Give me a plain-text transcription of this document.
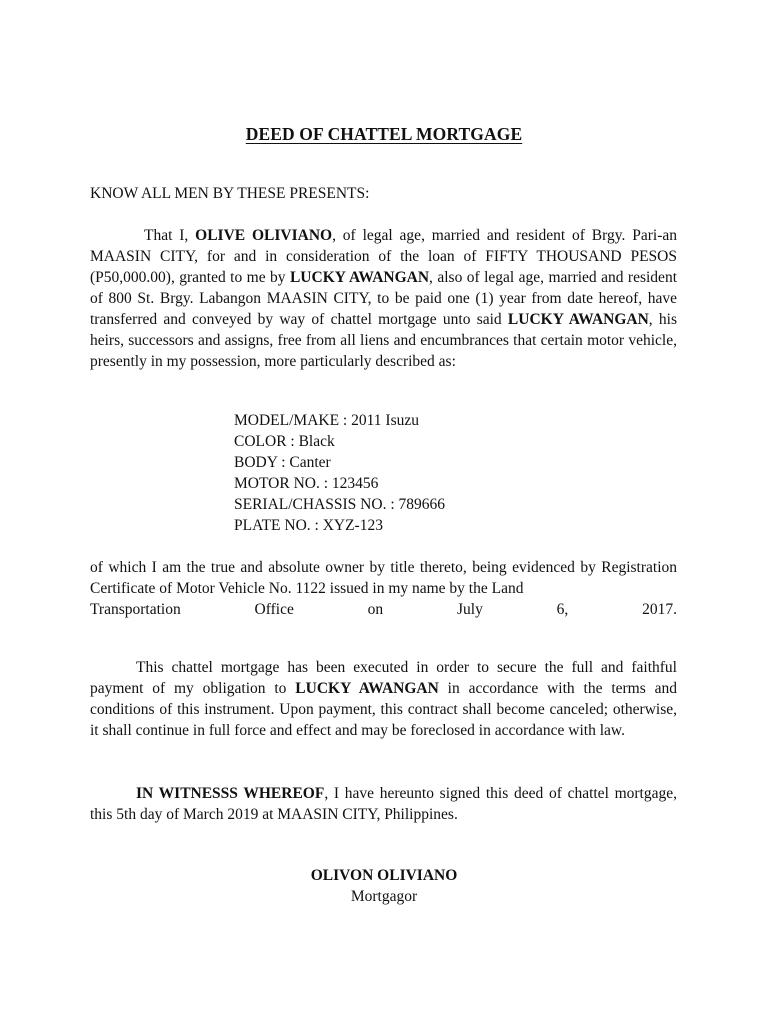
DEED OF CHATTEL MORTGAGE
KNOW ALL MEN BY THESE PRESENTS:
That I, OLIVE OLIVIANO, of legal age, married and resident of Brgy. Pari-an MAASIN CITY, for and in consideration of the loan of FIFTY THOUSAND PESOS (P50,000.00), granted to me by LUCKY AWANGAN, also of legal age, married and resident of 800 St. Brgy. Labangon MAASIN CITY, to be paid one (1) year from date hereof, have transferred and conveyed by way of chattel mortgage unto said LUCKY AWANGAN, his heirs, successors and assigns, free from all liens and encumbrances that certain motor vehicle, presently in my possession, more particularly described as:
MODEL/MAKE : 2011 Isuzu
COLOR : Black
BODY : Canter
MOTOR NO. : 123456
SERIAL/CHASSIS NO. : 789666
PLATE NO. : XYZ-123
of which I am the true and absolute owner by title thereto, being evidenced by Registration Certificate of Motor Vehicle No. 1122 issued in my name by the Land
Transportation Office on July 6, 2017.
This chattel mortgage has been executed in order to secure the full and faithful payment of my obligation to LUCKY AWANGAN in accordance with the terms and conditions of this instrument. Upon payment, this contract shall become canceled; otherwise, it shall continue in full force and effect and may be foreclosed in accordance with law.
IN WITNESSS WHEREOF, I have hereunto signed this deed of chattel mortgage, this 5th day of March 2019 at MAASIN CITY, Philippines.
OLIVON OLIVIANO
Mortgagor
